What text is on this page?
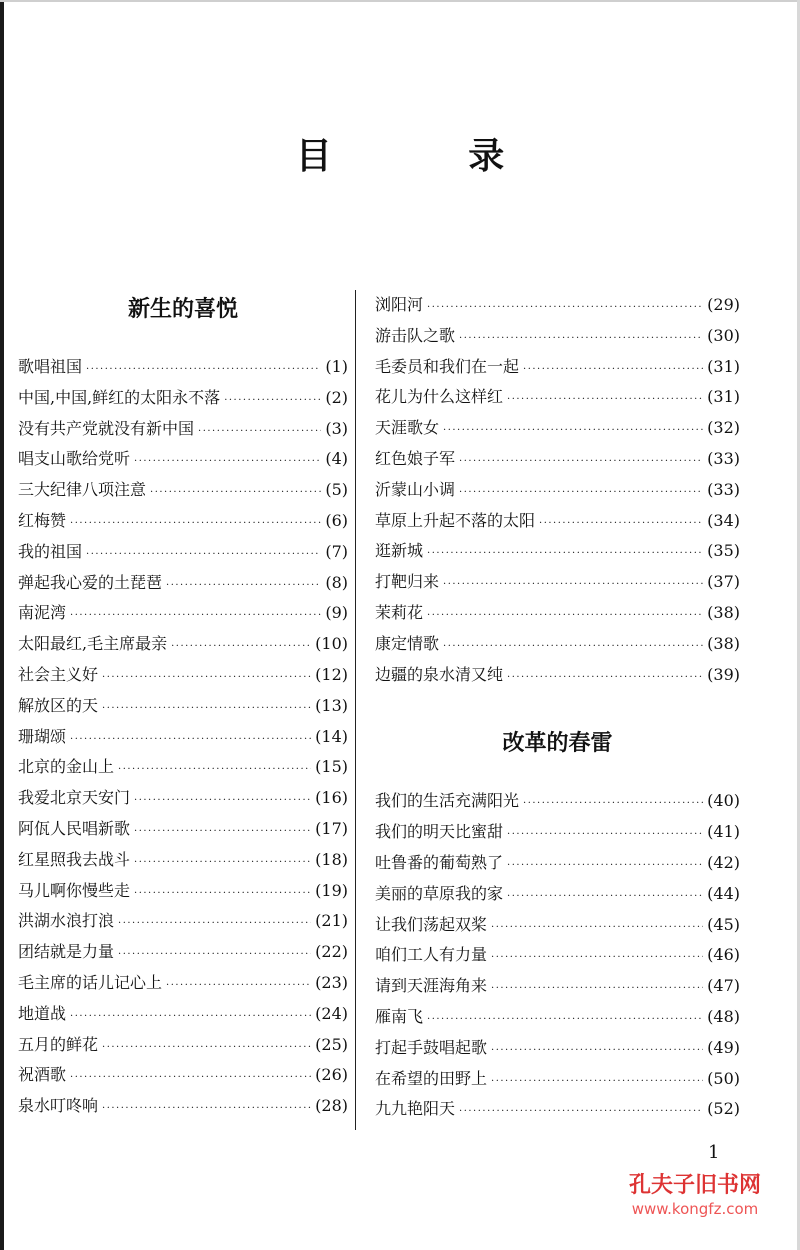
目 录
新生的喜悦
歌唱祖国 ·····	(1)
中国,中国,鲜红的太阳永不落 ·····	(2)
没有共产党就没有新中国 ·····	(3)
唱支山歌给党听 ·····	(4)
三大纪律八项注意 ·····	(5)
红梅赞 ·····	(6)
我的祖国 ·····	(7)
弹起我心爱的土琵琶 ·····	(8)
南泥湾 ·····	(9)
太阳最红,毛主席最亲 ·····	(10)
社会主义好 ·····	(12)
解放区的天 ·····	(13)
珊瑚颂 ·····	(14)
北京的金山上 ·····	(15)
我爱北京天安门 ·····	(16)
阿佤人民唱新歌 ·····	(17)
红星照我去战斗 ·····	(18)
马儿啊你慢些走 ·····	(19)
洪湖水浪打浪 ·····	(21)
团结就是力量 ·····	(22)
毛主席的话儿记心上 ·····	(23)
地道战 ·····	(24)
五月的鲜花 ·····	(25)
祝酒歌 ·····	(26)
泉水叮咚响 ·····	(28)
浏阳河 ·····	(29)
游击队之歌 ·····	(30)
毛委员和我们在一起 ·····	(31)
花儿为什么这样红 ·····	(31)
天涯歌女 ·····	(32)
红色娘子军 ·····	(33)
沂蒙山小调 ·····	(33)
草原上升起不落的太阳 ·····	(34)
逛新城 ·····	(35)
打靶归来 ·····	(37)
茉莉花 ·····	(38)
康定情歌 ·····	(38)
边疆的泉水清又纯 ·····	(39)
改革的春雷
我们的生活充满阳光 ·····	(40)
我们的明天比蜜甜 ·····	(41)
吐鲁番的葡萄熟了 ·····	(42)
美丽的草原我的家 ·····	(44)
让我们荡起双桨 ·····	(45)
咱们工人有力量 ·····	(46)
请到天涯海角来 ·····	(47)
雁南飞 ·····	(48)
打起手鼓唱起歌 ·····	(49)
在希望的田野上 ·····	(50)
九九艳阳天 ·····	(52)
1
孔夫子旧书网
www.kongfz.com
